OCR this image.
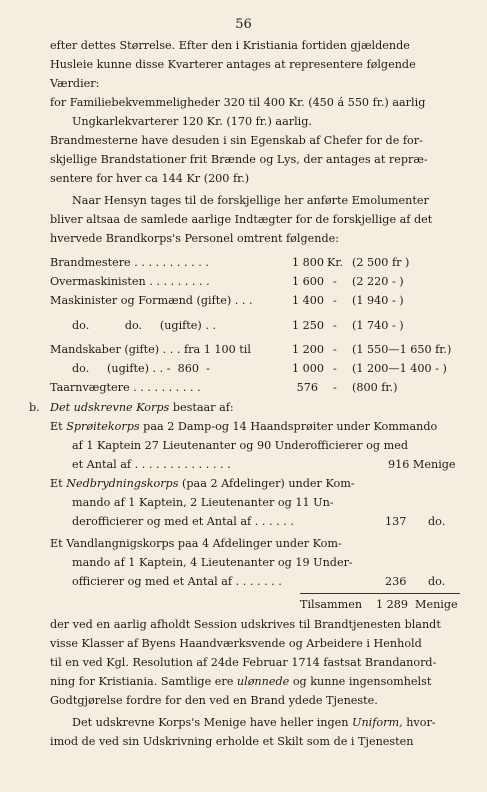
56
efter dettes Størrelse. Efter den i Kristiania fortiden gjældende
Husleie kunne disse Kvarterer antages at representere følgende
Værdier:
for Familiebekvemmeligheder 320 til 400 Kr. (450 á 550 fr.) aarlig
Ungkarlekvarterer 120 Kr. (170 fr.) aarlig.
Brandmesterne have desuden i sin Egenskab af Chefer for de for-
skjellige Brandstationer frit Brænde og Lys, der antages at repræ-
sentere for hver ca 144 Kr (200 fr.)
Naar Hensyn tages til de forskjellige her anførte Emolumenter
bliver altsaa de samlede aarlige Indtægter for de forskjellige af det
hvervede Brandkorps's Personel omtrent følgende:
Brandmestere . . . . . . . . . . .	1 800 Kr. (2 500 fr )
Overmaskinisten . . . . . . . . .	1 600 - (2 220 - )
Maskinister og Formænd (gifte) . . .	1 400 - (1 940 - )
do.          do.     (ugifte) . .	1 250 - (1 740 - )
Mandskaber (gifte) . . . fra 1 100 til	1 200 - (1 550—1 650 fr.)
do.     (ugifte) . . -  860  -	1 000 - (1 200—1 400 - )
Taarnvægtere . . . . . . . . . .	576 - (800 fr.)
b. Det udskrevne Korps bestaar af:
Et Sprøitekorps paa 2 Damp-og 14 Haandsprøiter under Kommando
af 1 Kaptein 27 Lieutenanter og 90 Underofficierer og med
et Antal af . . . . . . . . . . . . . .	916 Menige
Et Nedbrydningskorps (paa 2 Afdelinger) under Kom-
mando af 1 Kaptein, 2 Lieutenanter og 11 Un-
derofficierer og med et Antal af . . . . . .	137 do.
Et Vandlangnigskorps paa 4 Afdelinger under Kom-
mando af 1 Kaptein, 4 Lieutenanter og 19 Under-
officierer og med et Antal af . . . . . . .	236 do.
Tilsammen 1 289 Menige
der ved en aarlig afholdt Session udskrives til Brandtjenesten blandt
visse Klasser af Byens Haandværksvende og Arbeidere i Henhold
til en ved Kgl. Resolution af 24de Februar 1714 fastsat Brandanord-
ning for Kristiania. Samtlige ere ulønnede og kunne ingensomhelst
Godtgjørelse fordre for den ved en Brand ydede Tjeneste.
Det udskrevne Korps's Menige have heller ingen Uniform, hvor-
imod de ved sin Udskrivning erholde et Skilt som de i Tjenesten
